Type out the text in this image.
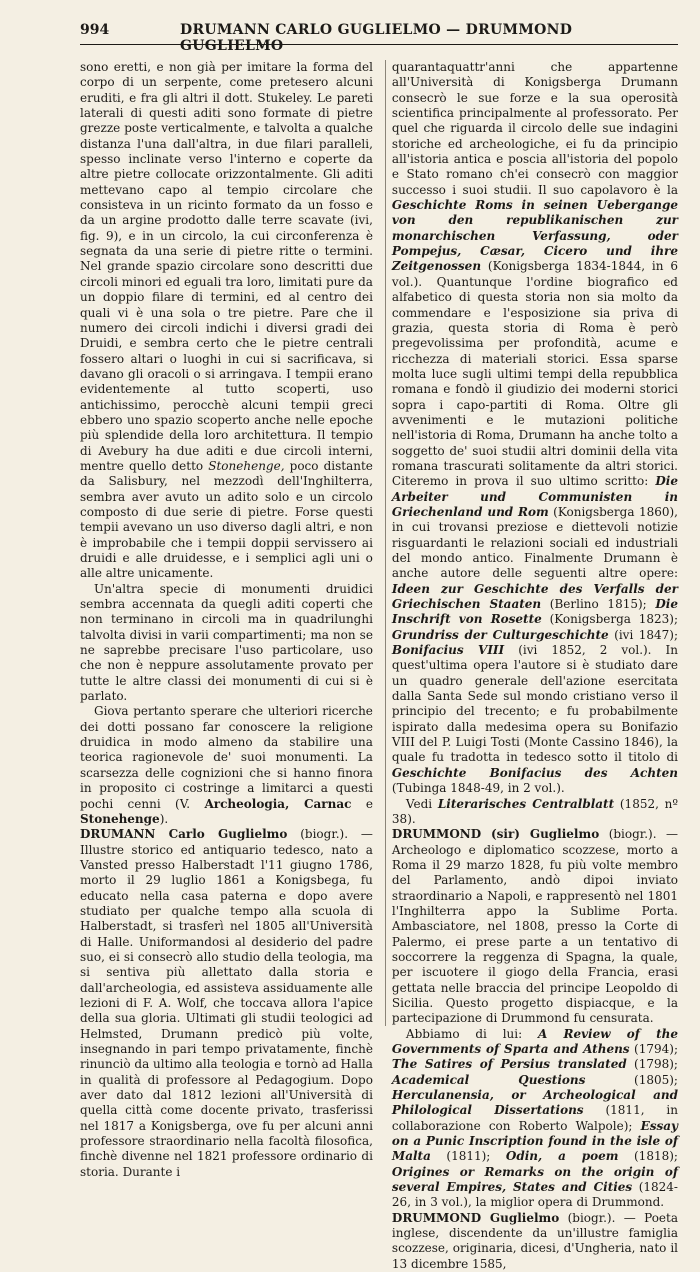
994	DRUMANN CARLO GUGLIELMO — DRUMMOND GUGLIELMO

sono eretti, e non già per imitare la forma del corpo di un serpente, come pretesero alcuni eruditi, e fra gli altri il dott. Stukeley. Le pareti laterali di questi aditi sono formate di pietre grezze poste verticalmente, e talvolta a qualche distanza l'una dall'altra, in due filari paralleli, spesso inclinate verso l'interno e coperte da altre pietre collocate orizzontalmente. Gli aditi mettevano capo al tempio circolare che consisteva in un ricinto formato da un fosso e da un argine prodotto dalle terre scavate (ivi, fig. 9), e in un circolo, la cui circonferenza è segnata da una serie di pietre ritte o termini. Nel grande spazio circolare sono descritti due circoli minori ed eguali tra loro, limitati pure da un doppio filare di termini, ed al centro dei quali vi è una sola o tre pietre. Pare che il numero dei circoli indichi i diversi gradi dei Druidi, e sembra certo che le pietre centrali fossero altari o luoghi in cui si sacrificava, si davano gli oracoli o si arringava. I tempii erano evidentemente al tutto scoperti, uso antichissimo, perocchè alcuni tempii greci ebbero uno spazio scoperto anche nelle epoche più splendide della loro architettura. Il tempio di Avebury ha due aditi e due circoli interni, mentre quello detto Stonehenge, poco distante da Salisbury, nel mezzodì dell'Inghilterra, sembra aver avuto un adito solo e un circolo composto di due serie di pietre. Forse questi tempii avevano un uso diverso dagli altri, e non è improbabile che i tempii doppii servissero ai druidi e alle druidesse, e i semplici agli uni o alle altre unicamente.

Un'altra specie di monumenti druidici sembra accennata da quegli aditi coperti che non terminano in circoli ma in quadrilunghi talvolta divisi in varii compartimenti; ma non se ne saprebbe precisare l'uso particolare, uso che non è neppure assolutamente provato per tutte le altre classi dei monumenti di cui si è parlato.

Giova pertanto sperare che ulteriori ricerche dei dotti possano far conoscere la religione druidica in modo almeno da stabilire una teorica ragionevole de' suoi monumenti. La scarsezza delle cognizioni che si hanno finora in proposito ci costringe a limitarci a questi pochi cenni (V. Archeologia, Carnac e Stonehenge).

DRUMANN Carlo Guglielmo (biogr.). — Illustre storico ed antiquario tedesco, nato a Vansted presso Halberstadt l'11 giugno 1786, morto il 29 luglio 1861 a Konigsbega, fu educato nella casa paterna e dopo avere studiato per qualche tempo alla scuola di Halberstadt, si trasferì nel 1805 all'Università di Halle. Uniformandosi al desiderio del padre suo, ei si consecrò allo studio della teologia, ma si sentiva più allettato dalla storia e dall'archeologia, ed assisteva assiduamente alle lezioni di F. A. Wolf, che toccava allora l'apice della sua gloria. Ultimati gli studii teologici ad Helmsted, Drumann predicò più volte, insegnando in pari tempo privatamente, finchè rinunciò da ultimo alla teologia e tornò ad Halla in qualità di professore al Pedagogium. Dopo aver dato dal 1812 lezioni all'Università di quella città come docente privato, trasferissi nel 1817 a Konigsberga, ove fu per alcuni anni professore straordinario nella facoltà filosofica, finchè divenne nel 1821 professore ordinario di storia. Durante i

quarantaquattr'anni che appartenne all'Università di Konigsberga Drumann consecrò le sue forze e la sua operosità scientifica principalmente al professorato. Per quel che riguarda il circolo delle sue indagini storiche ed archeologiche, ei fu da principio all'istoria antica e poscia all'istoria del popolo e Stato romano ch'ei consecrò con maggior successo i suoi studii. Il suo capolavoro è la Geschichte Roms in seinen Uebergange von den republikanischen zur monarchischen Verfassung, oder Pompejus, Cæsar, Cicero und ihre Zeitgenossen (Konigsberga 1834-1844, in 6 vol.). Quantunque l'ordine biografico ed alfabetico di questa storia non sia molto da commendare e l'esposizione sia priva di grazia, questa storia di Roma è però pregevolissima per profondità, acume e ricchezza di materiali storici. Essa sparse molta luce sugli ultimi tempi della repubblica romana e fondò il giudizio dei moderni storici sopra i capo-partiti di Roma. Oltre gli avvenimenti e le mutazioni politiche nell'istoria di Roma, Drumann ha anche tolto a soggetto de' suoi studii altri dominii della vita romana trascurati solitamente da altri storici. Citeremo in prova il suo ultimo scritto: Die Arbeiter und Communisten in Griechenland und Rom (Konigsberga 1860), in cui trovansi preziose e diettevoli notizie risguardanti le relazioni sociali ed industriali del mondo antico. Finalmente Drumann è anche autore delle seguenti altre opere: Ideen zur Geschichte des Verfalls der Griechischen Staaten (Berlino 1815); Die Inschrift von Rosette (Konigsberga 1823); Grundriss der Culturgeschichte (ivi 1847); Bonifacius VIII (ivi 1852, 2 vol.). In quest'ultima opera l'autore si è studiato dare un quadro generale dell'azione esercitata dalla Santa Sede sul mondo cristiano verso il principio del trecento; e fu probabilmente ispirato dalla medesima opera su Bonifazio VIII del P. Luigi Tosti (Monte Cassino 1846), la quale fu tradotta in tedesco sotto il titolo di Geschichte Bonifacius des Achten (Tubinga 1848-49, in 2 vol.).

Vedi Literarisches Centralblatt (1852, nº 38).

DRUMMOND (sir) Guglielmo (biogr.). — Archeologo e diplomatico scozzese, morto a Roma il 29 marzo 1828, fu più volte membro del Parlamento, andò dipoi inviato straordinario a Napoli, e rappresentò nel 1801 l'Inghilterra appo la Sublime Porta. Ambasciatore, nel 1808, presso la Corte di Palermo, ei prese parte a un tentativo di soccorrere la reggenza di Spagna, la quale, per iscuotere il giogo della Francia, erasi gettata nelle braccia del principe Leopoldo di Sicilia. Questo progetto dispiacque, e la partecipazione di Drummond fu censurata.

Abbiamo di lui: A Review of the Governments of Sparta and Athens (1794); The Satires of Persius translated (1798); Academical Questions	(1805); Herculanensia, or Archeological and Philological Dissertations (1811, in collaborazione con Roberto Walpole); Essay on a Punic Inscription found in the isle of Malta (1811); Odin, a poem (1818); Origines or Remarks on the origin of several Empires, States and Cities (1824-26, in 3 vol.), la miglior opera di Drummond.

DRUMMOND Guglielmo (biogr.). — Poeta inglese, discendente da un'illustre famiglia scozzese, originaria, dicesi, d'Ungheria, nato il 13 dicembre 1585,
